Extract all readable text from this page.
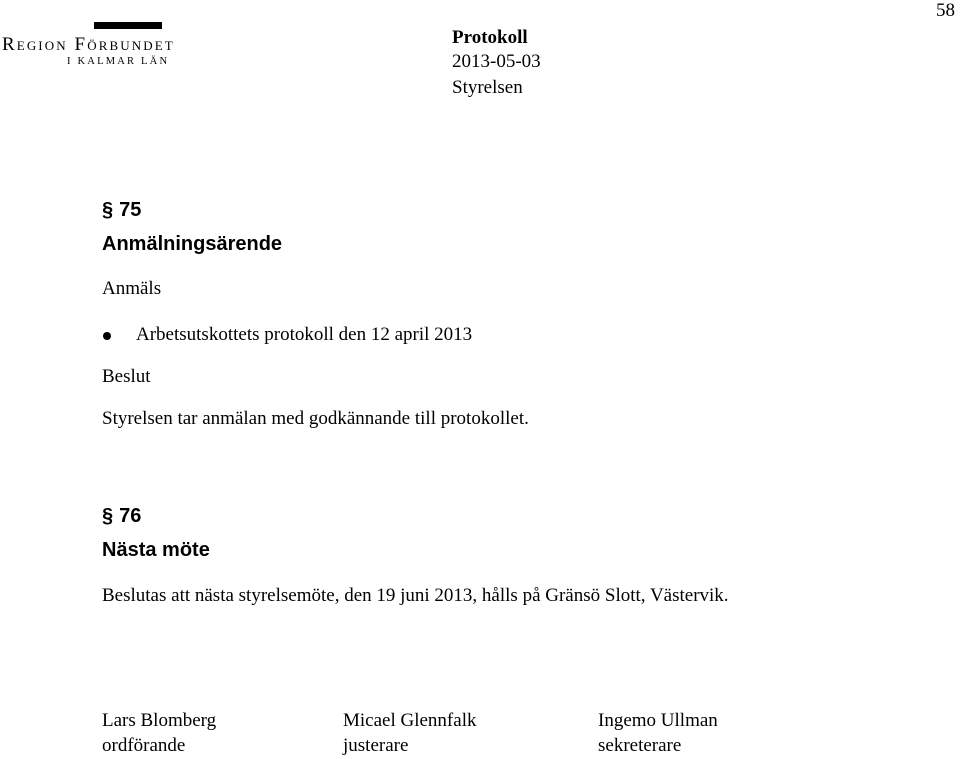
58
Region Förbundet
I KALMAR LÄN
Protokoll
2013-05-03
Styrelsen
§ 75
Anmälningsärende
Anmäls
Arbetsutskottets protokoll den 12 april 2013
Beslut
Styrelsen tar anmälan med godkännande till protokollet.
§ 76
Nästa möte
Beslutas att nästa styrelsemöte, den 19 juni 2013, hålls på Gränsö Slott, Västervik.
Lars Blomberg
ordförande
Micael Glennfalk
justerare
Ingemo Ullman
sekreterare
